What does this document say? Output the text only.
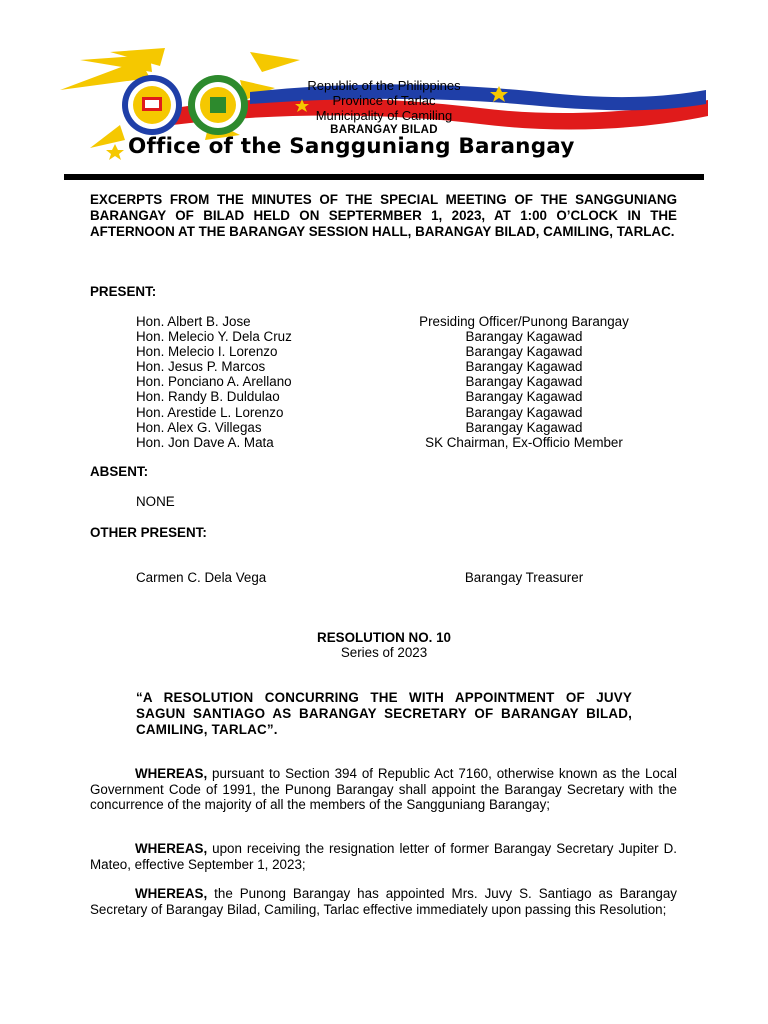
Republic of the Philippines
Province of Tarlac
Municipality of Camiling
BARANGAY BILAD
Office of the Sangguniang Barangay
EXCERPTS FROM THE MINUTES OF THE SPECIAL MEETING OF THE SANGGUNIANG BARANGAY OF BILAD HELD ON SEPTERMBER 1, 2023, AT 1:00 O’CLOCK IN THE AFTERNOON AT THE BARANGAY SESSION HALL, BARANGAY BILAD, CAMILING, TARLAC.
PRESENT:
Hon. Albert B. Jose	Presiding Officer/Punong Barangay
Hon. Melecio Y. Dela Cruz	Barangay Kagawad
Hon. Melecio I. Lorenzo	Barangay Kagawad
Hon. Jesus P. Marcos	Barangay Kagawad
Hon. Ponciano A. Arellano	Barangay Kagawad
Hon. Randy B. Duldulao	Barangay Kagawad
Hon. Arestide L. Lorenzo	Barangay Kagawad
Hon. Alex G. Villegas	Barangay Kagawad
Hon. Jon Dave A. Mata	SK Chairman, Ex-Officio Member
ABSENT:
NONE
OTHER PRESENT:
Carmen C. Dela Vega	Barangay Treasurer
RESOLUTION NO. 10
Series of 2023
“A RESOLUTION CONCURRING THE WITH APPOINTMENT OF JUVY SAGUN SANTIAGO AS BARANGAY SECRETARY OF BARANGAY BILAD, CAMILING, TARLAC”.
WHEREAS, pursuant to Section 394 of Republic Act 7160, otherwise known as the Local Government Code of 1991, the Punong Barangay shall appoint the Barangay Secretary with the concurrence of the majority of all the members of the Sangguniang Barangay;
WHEREAS, upon receiving the resignation letter of former Barangay Secretary Jupiter D. Mateo, effective September 1, 2023;
WHEREAS, the Punong Barangay has appointed Mrs. Juvy S. Santiago as Barangay Secretary of Barangay Bilad, Camiling, Tarlac effective immediately upon passing this Resolution;
